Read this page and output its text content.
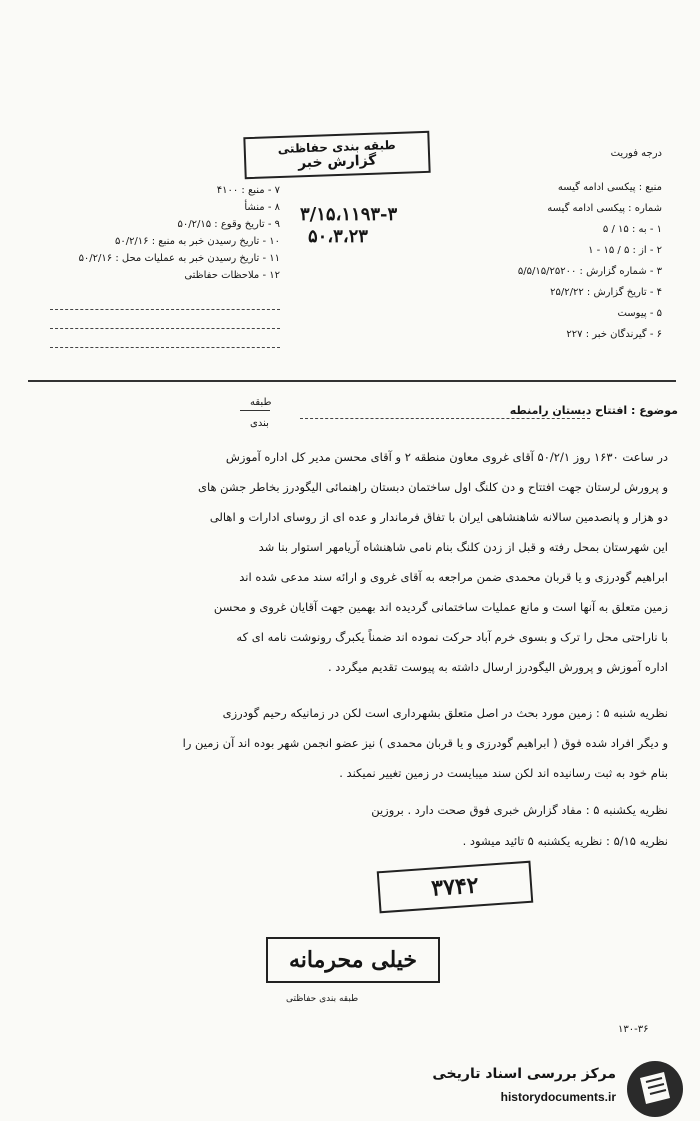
درجه فوریت
طبقه بندی حفاظتی
گزارش خبر
۳/۱۵،۱۱۹۳-۳
۵۰،۳،۲۳
منبع : پیکسی ادامه گیسه
شماره : پیکسی ادامه گیسه
۱ - به : ۱۵ / ۵
۲ - از : ۵ / ۱۵ - ۱
۳ - شماره گزارش : ۵/۵/۱۵/۲۵۲۰۰
۴ - تاریخ گزارش : ۲۵/۲/۲۲
۵ - پیوست
۶ - گیرندگان خبر : ۲۲۷
۷ - منبع : ۴۱۰۰
۸ - منشأ
۹ - تاریخ وقوع : ۵۰/۲/۱۵
۱۰ - تاریخ رسیدن خبر به منبع : ۵۰/۲/۱۶
۱۱ - تاریخ رسیدن خبر به عملیات محل : ۵۰/۲/۱۶
۱۲ - ملاحظات حفاظتی
طبقه
بندی
موضوع : افتتاح دبستان رامنطه
در ساعت ۱۶۳۰ روز ۵۰/۲/۱ آقای غروی معاون منطقه ۲ و آقای محسن مدیر کل اداره آموزش
و پرورش لرستان جهت افتتاح و دن کلنگ اول ساختمان دبستان راهنمائی الیگودرز بخاطر جشن های
دو هزار و پانصدمین سالانه شاهنشاهی ایران با تفاق فرماندار و عده ای از روسای ادارات و اهالی
این شهرستان بمحل رفته و قبل از زدن کلنگ بنام نامی شاهنشاه آریامهر استوار بنا شد
ابراهیم گودرزی و یا قربان محمدی ضمن مراجعه به آقای غروی و ارائه سند مدعی شده اند
زمین متعلق به آنها است و مانع عملیات ساختمانی گردیده اند بهمین جهت آقایان غروی و محسن
با ناراحتی محل را ترک و بسوی خرم آباد حرکت نموده اند ضمناً یکبرگ رونوشت نامه ای که
اداره آموزش و پرورش الیگودرز ارسال داشته به پیوست تقدیم میگردد .
نظریه شنبه ۵ : زمین مورد بحث در اصل متعلق بشهرداری است لکن در زمانیکه رحیم گودرزی
و دیگر افراد شده فوق ( ابراهیم گودرزی و یا قربان محمدی ) نیز عضو انجمن شهر بوده اند آن زمین را
بنام خود به ثبت رسانیده اند لکن سند میبایست در زمین تغییر نمیکند .
نظریه یکشنبه ۵ : مفاد گزارش خبری فوق صحت دارد . بروزین
نظریه ۵/۱۵ : نظریه یکشنبه ۵ تائید میشود .
۳۷۴۲
خیلی محرمانه
طبقه بندی حفاظتی
۱۳۰-۳۶
مرکز بررسی اسناد تاریخی
historydocuments.ir
